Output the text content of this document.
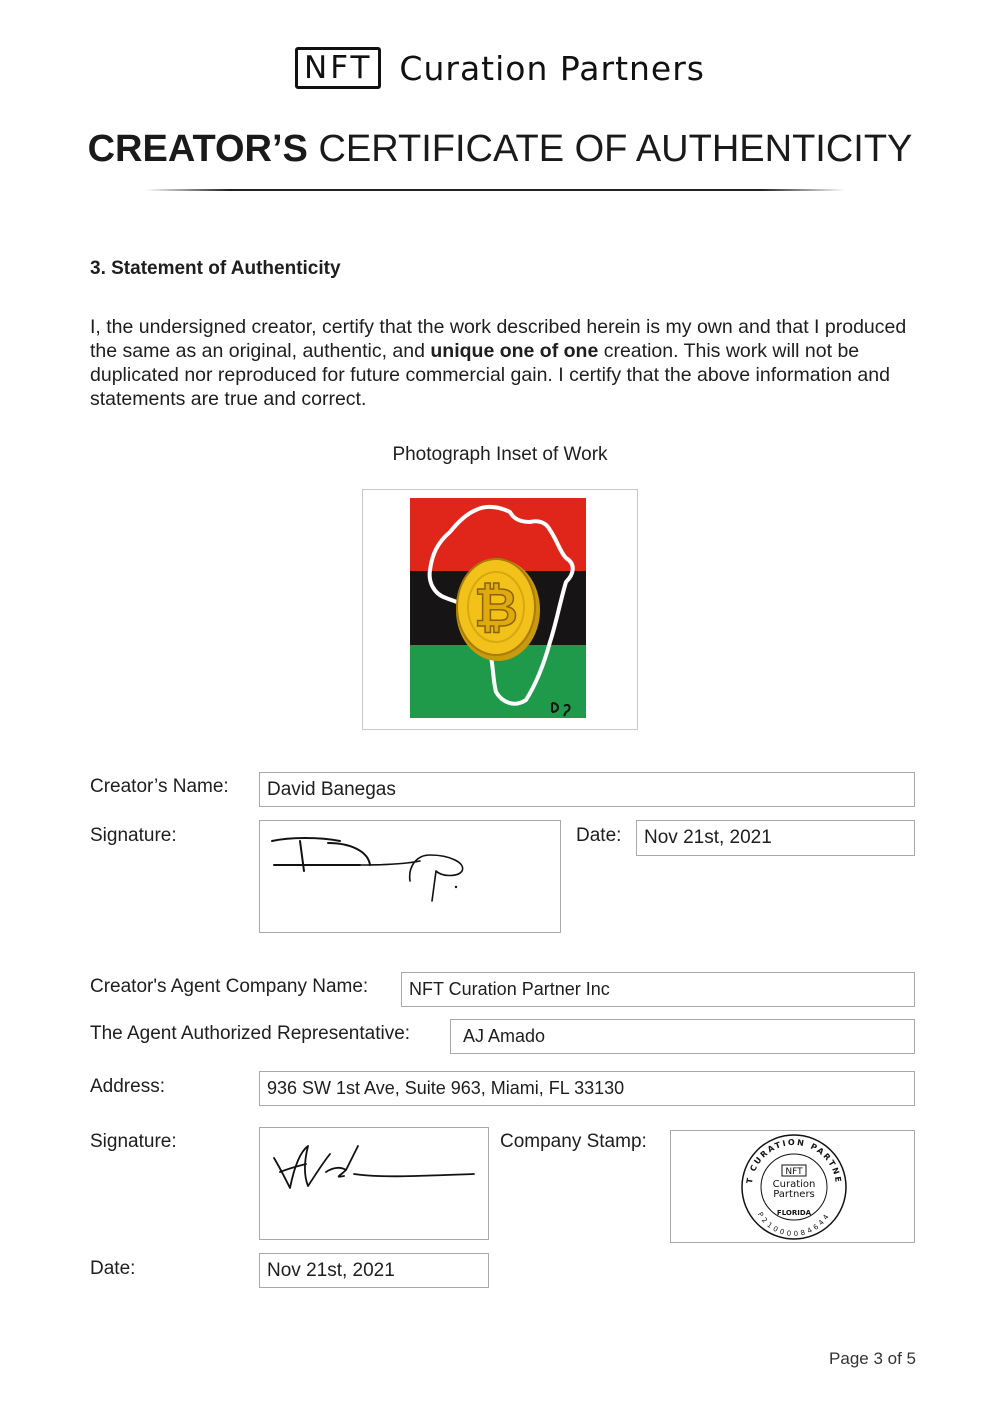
NFT Curation Partners
CREATOR’S CERTIFICATE OF AUTHENTICITY
3. Statement of Authenticity
I, the undersigned creator, certify that the work described herein is my own and that I produced the same as an original, authentic, and unique one of one creation. This work will not be duplicated nor reproduced for future commercial gain. I certify that the above information and statements are true and correct.
Photograph Inset of Work
₿
Creator’s Name:	David Banegas
Signature:	Date:	Nov 21st, 2021
Creator's Agent Company Name:	NFT Curation Partner Inc
The Agent Authorized Representative:	AJ Amado
Address:	936 SW 1st Ave, Suite 963, Miami, FL 33130
Signature:	Company Stamp:
T CURATION PARTNE
P21000084644
NFT
Curation
Partners
FLORIDA
Date:	Nov 21st, 2021
Page 3 of 5
